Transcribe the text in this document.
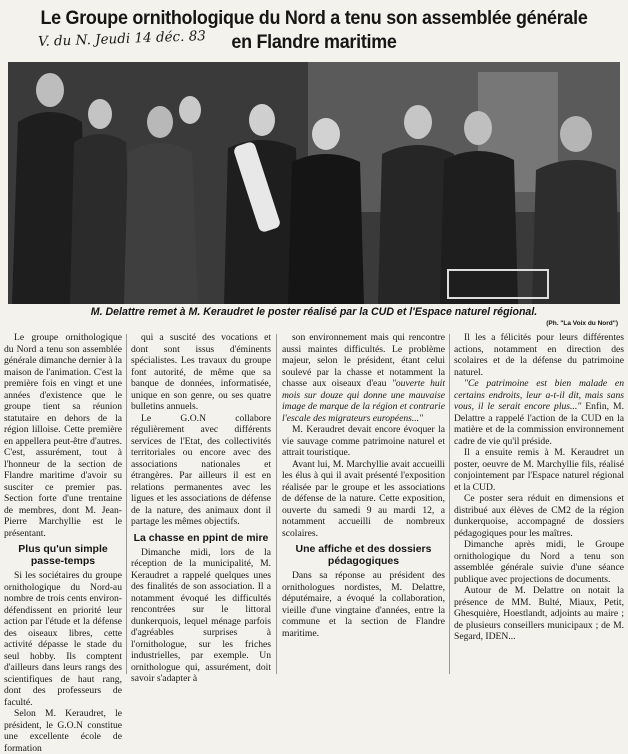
Le Groupe ornithologique du Nord a tenu son assemblée générale
en Flandre maritime
V. du N. Jeudi 14 déc. 83
M. Delattre remet à M. Keraudret le poster réalisé par la CUD et l'Espace naturel régional.
(Ph. "La Voix du Nord")

Le groupe ornithologique du Nord a tenu son assemblée générale dimanche dernier à la maison de l'animation. C'est la première fois en vingt et une années d'existence que le groupe tient sa réunion statutaire en dehors de la région lilloise. Cette première en appellera peut-être d'autres. C'est, assurément, tout à l'honneur de la section de Flandre maritime d'avoir su susciter ce premier pas. Section forte d'une trentaine de membres, dont M. Jean-Pierre Marchyllie est le présentant.

Plus qu'un simple passe-temps

Si les sociétaires du groupe ornithologique du Nord-au nombre de trois cents environ-défendissent en priorité leur action par l'étude et la défense des oiseaux libres, cette activité dépasse le stade du seul hobby. Ils comptent d'ailleurs dans leurs rangs des scientifiques de haut rang, dont des professeurs de faculté.

Selon M. Keraudret, le président, le G.O.N constitue une excellente école de formation

qui a suscité des vocations et dont sont issus d'éminents spécialistes. Les travaux du groupe font autorité, de même que sa banque de données, informatisée, unique en son genre, ou ses quatre bulletins annuels.

Le G.O.N collabore régulièrement avec différents services de l'Etat, des collectivités territoriales ou encore avec des associations nationales et étrangères. Par ailleurs il est en relations permanentes avec les ligues et les associations de défense de la nature, des animaux dont il partage les mêmes objectifs.

La chasse en ppint de mire

Dimanche midi, lors de la réception de la municipalité, M. Keraudret a rappelé quelques unes des finalités de son association. Il a notamment évoqué les difficultés rencontrées sur le littoral dunkerquois, lequel ménage parfois d'agréables surprises à l'ornithologue, sur les friches industrielles, par exemple. Un ornithologue qui, assurément, doit savoir s'adapter à

son environnement mais qui rencontre aussi maintes difficultés. Le problème majeur, selon le président, étant celui soulevé par la chasse et notamment la chasse aux oiseaux d'eau "ouverte huit mois sur douze qui donne une mauvaise image de marque de la région et contrarie l'escale des migrateurs européens..."

M. Keraudret devait encore évoquer la vie sauvage comme patrimoine naturel et attrait touristique.

Avant lui, M. Marchyllie avait accueilli les élus à qui il avait présenté l'exposition réalisée par le groupe et les associations de défense de la nature. Cette exposition, ouverte du samedi 9 au mardi 12, a notamment accueilli de nombreux scolaires.

Une affiche et des dossiers pédagogiques

Dans sa réponse au président des ornithologues nordistes, M. Delattre, députémaire, a évoqué la collaboration, vieille d'une vingtaine d'années, entre la commune et la section de Flandre maritime.

Il les a félicités pour leurs différentes actions, notamment en direction des scolaires et de la défense du patrimoine naturel.

"Ce patrimoine est bien malade en certains endroits, leur a-t-il dit, mais sans vous, il le serait encore plus..." Enfin, M. Delattre a rappelé l'action de la CUD en la matière et de la commission environnement cadre de vie qu'il préside.

Il a ensuite remis à M. Keraudret un poster, oeuvre de M. Marchyllie fils, réalisé conjointement par l'Espace naturel régional et la CUD.

Ce poster sera réduit en dimensions et distribué aux élèves de CM2 de la région dunkerquoise, accompagné de dossiers pédagogiques pour les maîtres.

Dimanche après midi, le Groupe ornithologique du Nord a tenu son assemblée générale suivie d'une séance publique avec projections de documents.

Autour de M. Delattre on notait la présence de MM. Bulté, Miaux, Petit, Ghesquière, Hoestlandt, adjoints au maire ; de plusieurs conseillers municipaux ; de M. Segard, IDEN...
